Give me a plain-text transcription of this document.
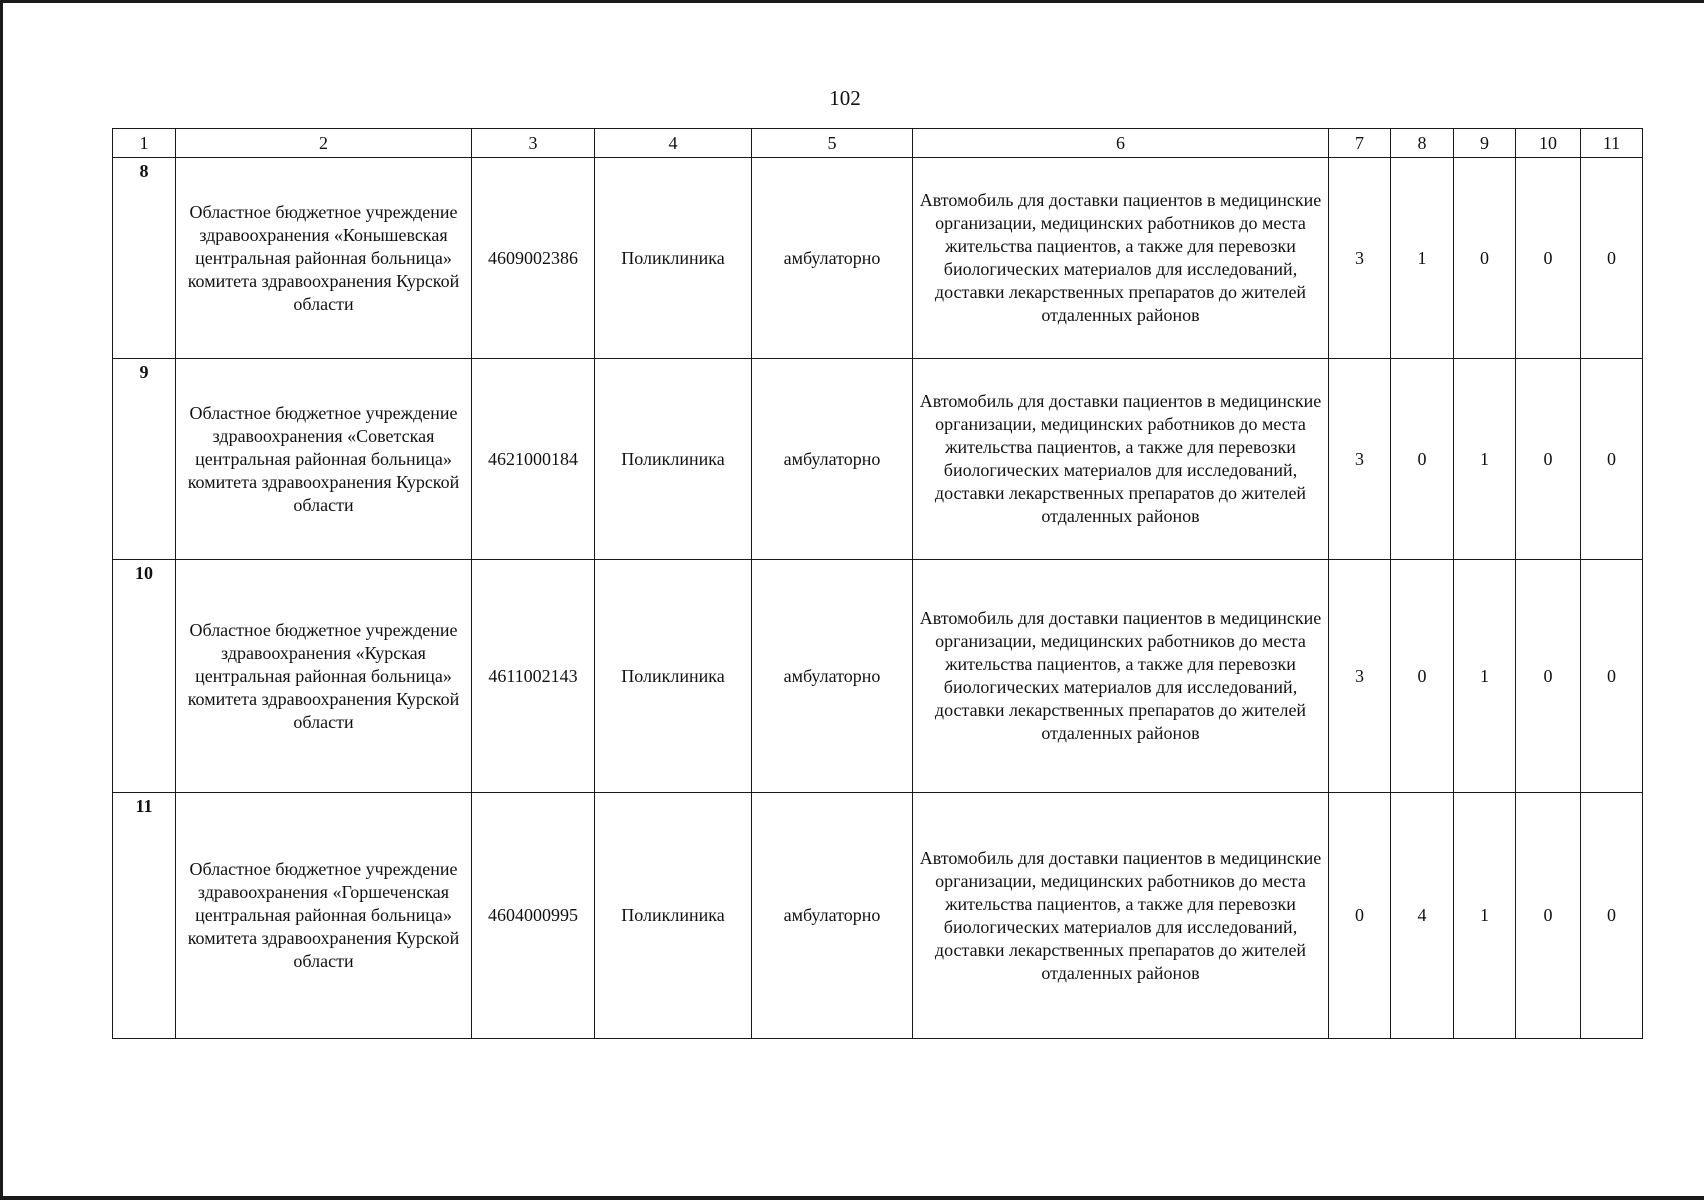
102
1	2	3	4	5	6	7	8	9	10	11
8	Областное бюджетное учреждение здравоохранения «Конышевская центральная районная больница» комитета здравоохранения Курской области	4609002386	Поликлиника	амбулаторно	Автомобиль для доставки пациентов в медицинские организации, медицинских работников до места жительства пациентов, а также для перевозки биологических материалов для исследований, доставки лекарственных препаратов до жителей отдаленных районов	3	1	0	0	0
9	Областное бюджетное учреждение здравоохранения «Советская центральная районная больница» комитета здравоохранения Курской области	4621000184	Поликлиника	амбулаторно	Автомобиль для доставки пациентов в медицинские организации, медицинских работников до места жительства пациентов, а также для перевозки биологических материалов для исследований, доставки лекарственных препаратов до жителей отдаленных районов	3	0	1	0	0
10	Областное бюджетное учреждение здравоохранения «Курская центральная районная больница» комитета здравоохранения Курской области	4611002143	Поликлиника	амбулаторно	Автомобиль для доставки пациентов в медицинские организации, медицинских работников до места жительства пациентов, а также для перевозки биологических материалов для исследований, доставки лекарственных препаратов до жителей отдаленных районов	3	0	1	0	0
11	Областное бюджетное учреждение здравоохранения «Горшеченская центральная районная больница» комитета здравоохранения Курской области	4604000995	Поликлиника	амбулаторно	Автомобиль для доставки пациентов в медицинские организации, медицинских работников до места жительства пациентов, а также для перевозки биологических материалов для исследований, доставки лекарственных препаратов до жителей отдаленных районов	0	4	1	0	0
